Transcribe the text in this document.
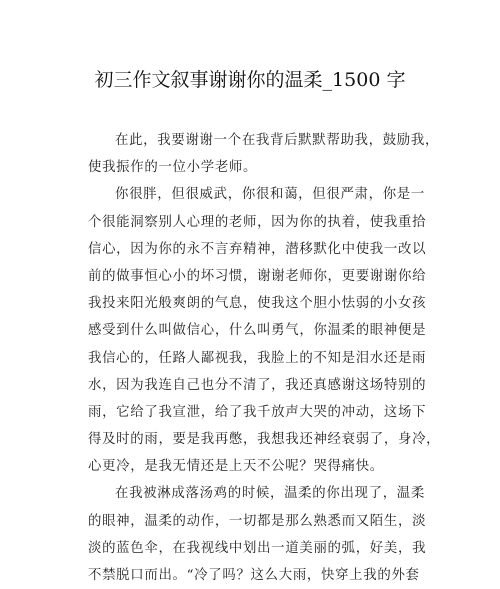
初三作文叙事谢谢你的温柔_1500 字
在此，我要谢谢一个在我背后默默帮助我，鼓励我，
使我振作的一位小学老师。
你很胖，但很威武，你很和蔼，但很严肃，你是一
个很能洞察别人心理的老师，因为你的执着，使我重拾
信心，因为你的永不言弃精神，潜移默化中使我一改以
前的做事恒心小的坏习惯，谢谢老师你，更要谢谢你给
我投来阳光般爽朗的气息，使我这个胆小怯弱的小女孩
感受到什么叫做信心，什么叫勇气，你温柔的眼神便是
我信心的，任路人鄙视我，我脸上的不知是泪水还是雨
水，因为我连自己也分不清了，我还真感谢这场特别的
雨，它给了我宣泄，给了我千放声大哭的冲动，这场下
得及时的雨，要是我再憋，我想我还神经衰弱了，身冷，
心更冷，是我无情还是上天不公呢？哭得痛快。
在我被淋成落汤鸡的时候，温柔的你出现了，温柔
的眼神，温柔的动作，一切都是那么熟悉而又陌生，淡
淡的蓝色伞，在我视线中划出一道美丽的弧，好美，我
不禁脱口而出。“冷了吗？这么大雨，快穿上我的外套
